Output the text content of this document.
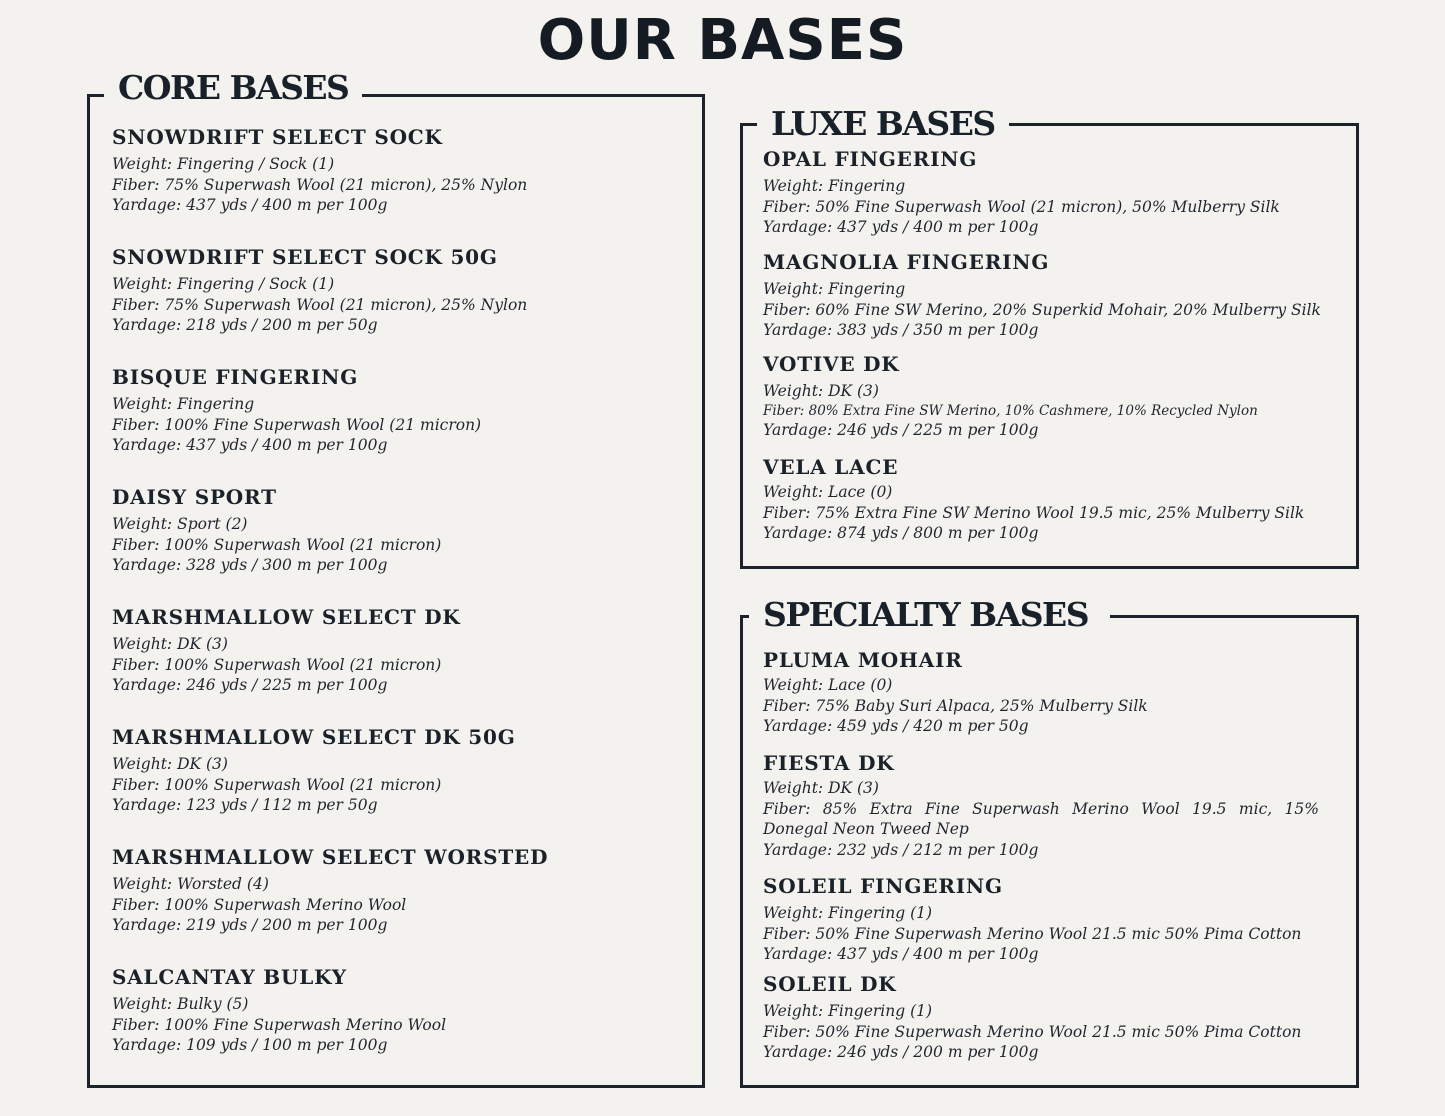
OUR BASES
CORE BASES
SNOWDRIFT SELECT SOCK
Weight: Fingering / Sock (1)
Fiber: 75% Superwash Wool (21 micron), 25% Nylon
Yardage: 437 yds / 400 m per 100g
SNOWDRIFT SELECT SOCK 50G
Weight: Fingering / Sock (1)
Fiber: 75% Superwash Wool (21 micron), 25% Nylon
Yardage: 218 yds / 200 m per 50g
BISQUE FINGERING
Weight: Fingering
Fiber: 100% Fine Superwash Wool (21 micron)
Yardage: 437 yds / 400 m per 100g
DAISY SPORT
Weight: Sport (2)
Fiber: 100% Superwash Wool (21 micron)
Yardage: 328 yds / 300 m per 100g
MARSHMALLOW SELECT DK
Weight: DK (3)
Fiber: 100% Superwash Wool (21 micron)
Yardage: 246 yds / 225 m per 100g
MARSHMALLOW SELECT DK 50G
Weight: DK (3)
Fiber: 100% Superwash Wool (21 micron)
Yardage: 123 yds / 112 m per 50g
MARSHMALLOW SELECT WORSTED
Weight: Worsted (4)
Fiber: 100% Superwash Merino Wool
Yardage: 219 yds / 200 m per 100g
SALCANTAY BULKY
Weight: Bulky (5)
Fiber: 100% Fine Superwash Merino Wool
Yardage: 109 yds / 100 m per 100g
LUXE BASES
OPAL FINGERING
Weight: Fingering
Fiber: 50% Fine Superwash Wool (21 micron), 50% Mulberry Silk
Yardage: 437 yds / 400 m per 100g
MAGNOLIA FINGERING
Weight: Fingering
Fiber: 60% Fine SW Merino, 20% Superkid Mohair, 20% Mulberry Silk
Yardage: 383 yds / 350 m per 100g
VOTIVE DK
Weight: DK (3)
Fiber: 80% Extra Fine SW Merino, 10% Cashmere, 10% Recycled Nylon
Yardage: 246 yds / 225 m per 100g
VELA LACE
Weight: Lace (0)
Fiber: 75% Extra Fine SW Merino Wool 19.5 mic, 25% Mulberry Silk
Yardage: 874 yds / 800 m per 100g
SPECIALTY BASES
PLUMA MOHAIR
Weight: Lace (0)
Fiber: 75% Baby Suri Alpaca, 25% Mulberry Silk
Yardage: 459 yds / 420 m per 50g
FIESTA DK
Weight: DK (3)
Fiber: 85% Extra Fine Superwash Merino Wool 19.5 mic, 15% Donegal Neon Tweed Nep
Yardage: 232 yds / 212 m per 100g
SOLEIL FINGERING
Weight: Fingering (1)
Fiber: 50% Fine Superwash Merino Wool 21.5 mic 50% Pima Cotton
Yardage: 437 yds / 400 m per 100g
SOLEIL DK
Weight: Fingering (1)
Fiber: 50% Fine Superwash Merino Wool 21.5 mic 50% Pima Cotton
Yardage: 246 yds / 200 m per 100g
